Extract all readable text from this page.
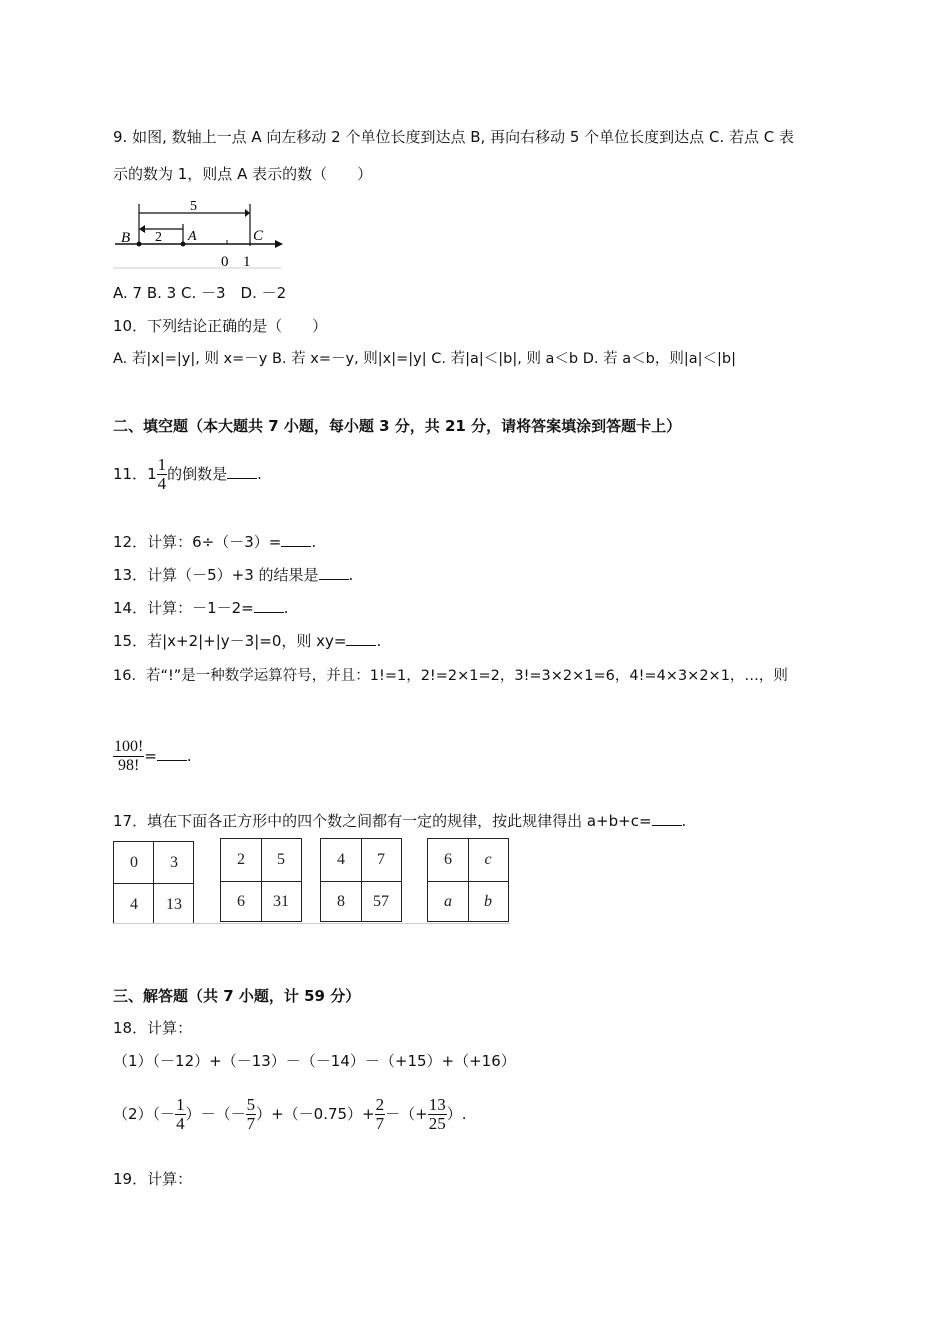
9. 如图, 数轴上一点 A 向左移动 2 个单位长度到达点 B, 再向右移动 5 个单位长度到达点 C. 若点 C 表
示的数为 1，则点 A 表示的数（　　）
5
2
B	A	C
0 1
A. 7 B. 3 C. －3　D. －2
10．下列结论正确的是（　　）
A. 若|x|=|y|, 则 x=－y B. 若 x=－y, 则|x|=|y| C. 若|a|＜|b|, 则 a＜b D. 若 a＜b，则|a|＜|b|
二、填空题（本大题共 7 小题，每小题 3 分，共 21 分，请将答案填涂到答题卡上）
11．$1 \frac{1}{4}$ 的倒数是 .
12．计算：6÷（－3）= .
13．计算（－5）+3 的结果是 .
14．计算：－1－2= .
15．若|x+2|+|y－3|=0，则 xy= .
16．若“!”是一种数学运算符号，并且：1!=1，2!=2×1=2，3!=3×2×1=6，4!=4×3×2×1，…，则
$\frac{100!}{98!}$ = .
17．填在下面各正方形中的四个数之间都有一定的规律，按此规律得出 a+b+c= .
0	3
4	13
2	5
6	31
4	7
8	57
6	c
a	b
三、解答题（共 7 小题，计 59 分）
18．计算：
（1）（－12）+（－13）－（－14）－（+15）+（+16）
$(2)(- \frac{1}{4}$ ）－（－ $\frac{5}{7} )+(-0.75)+ \frac{2}{7}$ －（+ $\frac{13}{25}$ ）.
19．计算：
